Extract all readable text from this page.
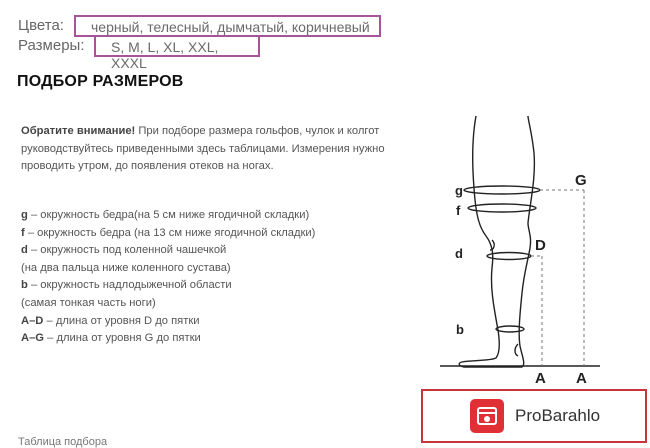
Цвета:	черный, телесный, дымчатый, коричневый
Размеры:	S, M, L, XL, XXL, XXXL
ПОДБОР РАЗМЕРОВ
Обратите внимание! При подборе размера гольфов, чулок и колгот
руководствуйтесь приведенными здесь таблицами. Измерения нужно
проводить утром, до появления отеков на ногах.
g – окружность бедра(на 5 см ниже ягодичной складки)
f – окружность бедра (на 13 см ниже ягодичной складки)
d – окружность под коленной чашечкой
(на два пальца ниже коленного сустава)
b – окружность надлодыжечной области
(самая тонкая часть ноги)
A–D – длина от уровня D до пятки
A–G – длина от уровня G до пятки
g
f
d
b
G
D
A A
Таблица подбора
ProBarahlo
